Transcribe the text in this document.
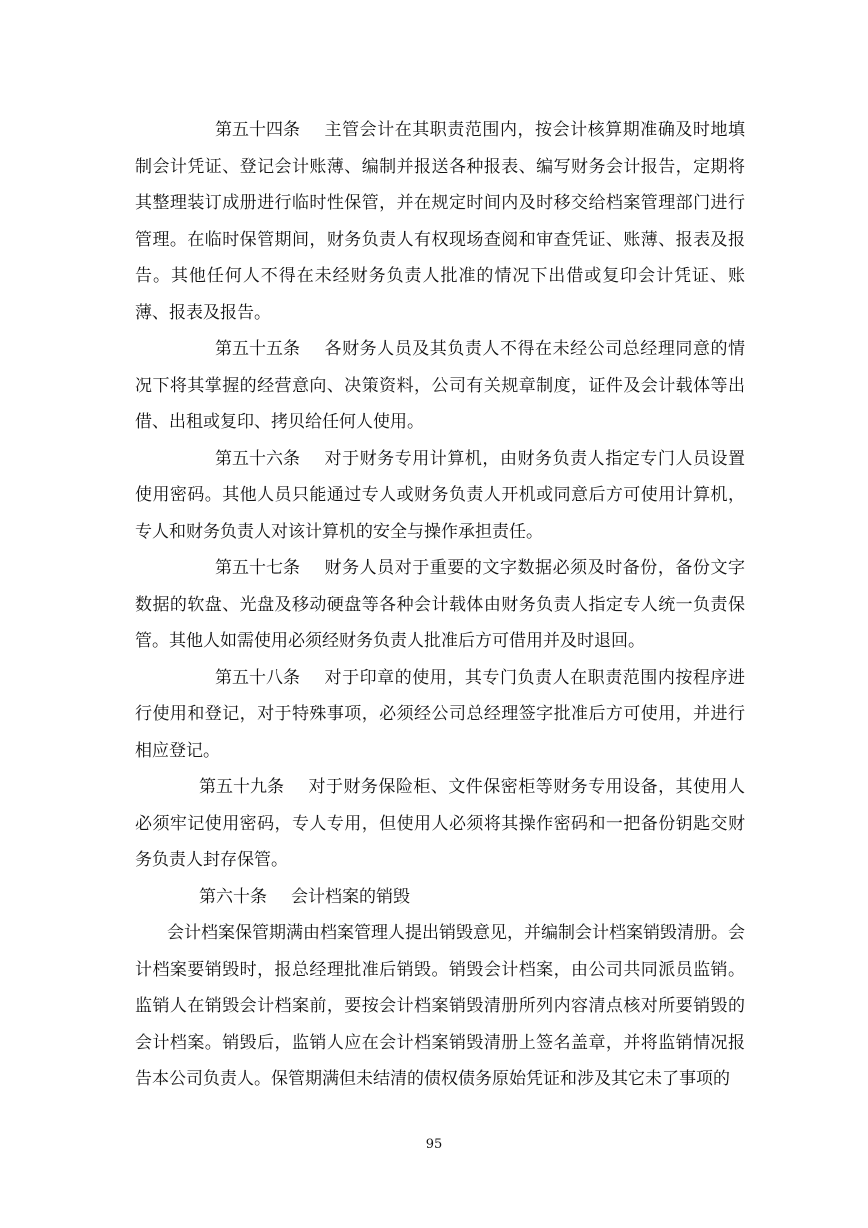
第五十四条 主管会计在其职责范围内，按会计核算期准确及时地填制会计凭证、登记会计账薄、编制并报送各种报表、编写财务会计报告，定期将其整理装订成册进行临时性保管，并在规定时间内及时移交给档案管理部门进行管理。在临时保管期间，财务负责人有权现场查阅和审查凭证、账薄、报表及报告。其他任何人不得在未经财务负责人批准的情况下出借或复印会计凭证、账薄、报表及报告。

第五十五条 各财务人员及其负责人不得在未经公司总经理同意的情况下将其掌握的经营意向、决策资料，公司有关规章制度，证件及会计载体等出借、出租或复印、拷贝给任何人使用。

第五十六条 对于财务专用计算机，由财务负责人指定专门人员设置使用密码。其他人员只能通过专人或财务负责人开机或同意后方可使用计算机，专人和财务负责人对该计算机的安全与操作承担责任。

第五十七条 财务人员对于重要的文字数据必须及时备份，备份文字数据的软盘、光盘及移动硬盘等各种会计载体由财务负责人指定专人统一负责保管。其他人如需使用必须经财务负责人批准后方可借用并及时退回。

第五十八条 对于印章的使用，其专门负责人在职责范围内按程序进行使用和登记，对于特殊事项，必须经公司总经理签字批准后方可使用，并进行相应登记。

第五十九条 对于财务保险柜、文件保密柜等财务专用设备，其使用人必须牢记使用密码，专人专用，但使用人必须将其操作密码和一把备份钥匙交财务负责人封存保管。

第六十条 会计档案的销毁

会计档案保管期满由档案管理人提出销毁意见，并编制会计档案销毁清册。会计档案要销毁时，报总经理批准后销毁。销毁会计档案，由公司共同派员监销。监销人在销毁会计档案前，要按会计档案销毁清册所列内容清点核对所要销毁的会计档案。销毁后，监销人应在会计档案销毁清册上签名盖章，并将监销情况报告本公司负责人。保管期满但未结清的债权债务原始凭证和涉及其它未了事项的

95
